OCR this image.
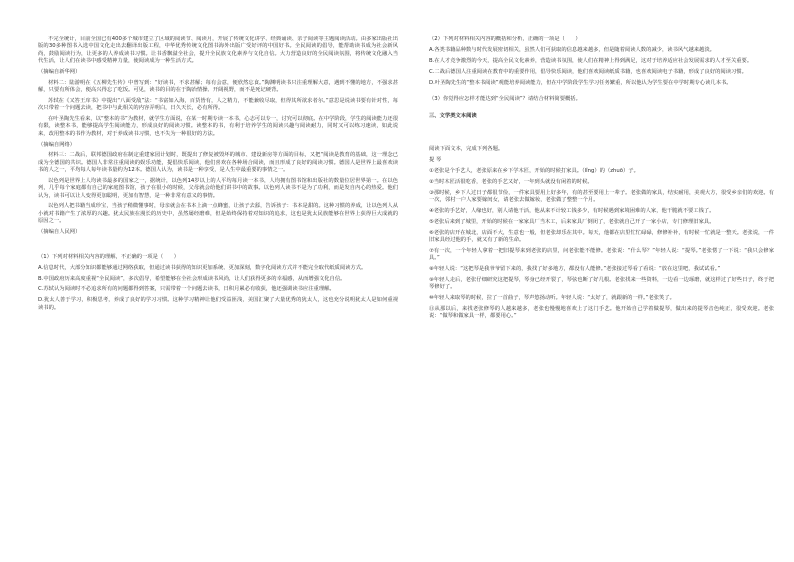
不完全统计，目前全国已有400多个城市建立了区域的阅读节、阅读月，开展了传统文化讲学、经典诵读、亲子阅读等主题阅读活动。由多家出版社出版的30多种图书入选中国文化走出去翻译出版工程，中华优秀传统文化图书海外出版广受好评的中国好书。全民阅读的倡导，能帮助读书成为社会新风尚，鼓励阅读行为，让更多的人养成读书习惯。让书香飘溢全社会，提升全民族文化素养与文化自信。大力营造良好的全民阅读氛围，将传统文化融入当代生活，让人们在读书中感受精神力量，使阅读成为一种生活方式。

（摘编自新华网）

材料二：陆游明在《五柳先生传》中曾写到：“好读书，不求甚解；每有会意，便欣然忘食。”陶渊明读书只注重理解大意，遇到不懂的地方，不强求甚解，只要有所体会，便高兴得忘了吃饭。可见，读书的目的在于陶冶情操、开阔视野，而不是死记硬背。

苏轼在《又答王庠书》中提出“八面受敌”法：“书富如入海，百货皆有，人之精力，不能兼收尽取，但得其所欲求者尔。”意思是说读书要有针对性，每次只带着一个问题去读，把书中与此相关的内容弄明白，日久天长，必有所得。

在叶圣陶先生看来，以“整本的书”为教材，就学生方面说，在某一时期专读一本书，心志可以专一，讨究可以彻底。在中学阶段，学生的阅读能力还很有限，读整本书，能够提高学生阅读能力，形成良好的阅读习惯。读整本的书，有利于培养学生的阅读兴趣与阅读耐力，同时又可以练习速读，如此说来，改用整本的书作为教材，对于养成读书习惯，也不失为一种很好的方法。

（摘编自网络）

材料三：二战后，联邦德国政府在制定重建家园计划时，既提出了修复被毁坏的城市、建设新房等方面的目标，又把“阅读是教育的基础，这一理念已成为全德国的共识。德国人非常注重阅读的娱乐功能，提倡快乐阅读，他们喜欢在各种场合阅读，而且形成了良好的阅读习惯。德国人是世界上最喜欢读书的人之一，平均每人每年读书量约为12本。德国人认为，读书是一种享受，是人生中最重要的事情之一。

以色列是世界上人均读书最多的国家之一，据统计，以色列14岁以上的人平均每月读一本书，人均拥有图书馆和出版社的数量位居世界第一。在以色列，几乎每个家庭都有自己的家庭图书馆，孩子在很小的时候，父母就会给他们讲书中的故事。以色列人读书不是为了功利，而是发自内心的热爱。他们认为，读书可以让人变得更加聪明，更加有智慧，是一种非常有意义的事情。

以色列人把书籍当成珍宝，当孩子稍微懂事时，母亲就会在书本上滴一点蜂蜜，让孩子去舔，告诉孩子：书本是甜的。这种习惯的养成，让以色列人从小就对书籍产生了浓厚的兴趣。犹太民族在漫长的历史中，虽然屡经磨难，但是始终保持着对知识的追求，这也是犹太民族能够在世界上获得巨大成就的原因之一。

（摘编自人民网）

（1）下列对材料相关内容的理解，不正确的一项是（　　）

A.信息时代，大部分知识都能够通过网络获取，但通过读书获得的知识更加系统、更加深刻，数字化阅读方式并不能完全取代纸质阅读方式。

B.中国政府历来高度重视“全民阅读”，多次倡导，希望能够在全社会形成读书风尚，让人们获得更多的幸福感，从而增强文化自信。

C.苏轼认为阅读时不必追求所有的问题都得到答案，只需带着一个问题去读书，日积月累必有收获，他还强调读书应注重理解。

D.犹太人善于学习，积极思考，养成了良好的学习习惯。这种学习精神让他们受益匪浅，美国汇聚了大量优秀的犹太人，这也充分说明犹太人是如何重视读书的。

（2）下列对材料相关内容的概括和分析，正确的一项是（　　）

A.各类书籍品种数与时代发展密切相关，虽然人们可获取的信息越来越多，但是随着阅读人数的减少，读书风气越来越淡。

B.在人才竞争激烈的今天，提高全民文化素养，营造读书氛围，使人们在精神上得到满足，这对于培养适应社会发展需求的人才至关重要。

C.二战后德国人注重阅读在教育中的重要作用，倡导快乐阅读，他们喜欢阅读纸质书籍，也喜欢阅读电子书籍，形成了良好的阅读习惯。

D.叶圣陶先生的“整本书阅读”观能培养阅读能力，但在中学阶段学生学习任务繁重，所以他认为学生要在中学时期专心读几本书。

（3）你觉得应怎样才能达到“全民阅读”？请结合材料简要概括。

三、文学类文本阅读

阅读下面文本，完成下列各题。

提 琴

①老张是个手艺人，老张原来在乡下学木匠，开始的时候打家具。（lǐng）的（zhuō）子。

②当时木匠活很吃香，老张的手艺又好，一年到头就没有闲着的时候。

③那时候，乡下人过日子都很节俭，一件家具要用上好多年，有的甚至要用上一辈子。老张做的家具，结实耐用，美观大方，很受乡亲们的欢迎。有一次，邻村一户人家要嫁闺女，请老张去做嫁妆，老张做了整整一个月。

④老张的手艺好，人缘也好，别人请他干活，他从来不计较工钱多少，有时候遇到家境困难的人家，他干脆就不要工钱了。

⑤老张后来到了城里，开始的时候在一家家具厂当木工，后来家具厂倒闭了，老张就自己开了一家小店，专门修理旧家具。

⑥老张的店开在城北，店面不大，生意也一般，但老张却乐在其中。每天，他都在店里忙忙碌碌，修修补补，有时候一忙就是一整天。老张说，一件旧家具经过他的手，就又有了新的生命。

⑦有一次，一个年轻人拿着一把旧提琴来到老张的店里，问老张能不能修。老张说：“什么琴？”年轻人说：“提琴。”老张愣了一下说：“我只会修家具。”

⑧年轻人说：“这把琴是我爷爷留下来的，我找了好多地方，都没有人能修。”老张接过琴看了看说：“放在这里吧，我试试看。”

⑨年轻人走后，老张仔细研究这把提琴，琴身已经开裂了，琴弦也断了好几根。老张找来一些资料，一边看一边琢磨，就这样过了好些日子，终于把琴修好了。

⑩年轻人来取琴的时候，拉了一首曲子，琴声悠扬动听。年轻人说：“太好了，就跟新的一样。”老张笑了。

⑪从那以后，来找老张修琴的人越来越多，老张也慢慢地喜欢上了这门手艺。他开始自己学着做提琴，做出来的提琴音色纯正，很受欢迎。老张说：“做琴和做家具一样，都要用心。”
